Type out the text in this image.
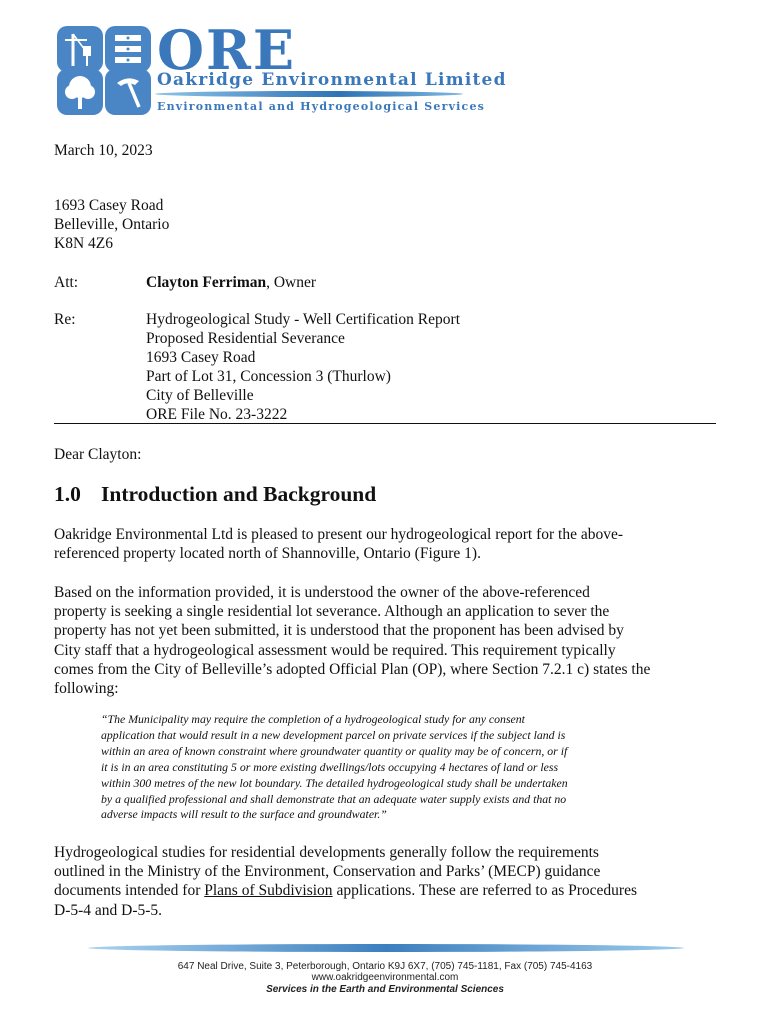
ORE
Oakridge Environmental Limited
Environmental and Hydrogeological Services
March 10, 2023
1693 Casey Road
Belleville, Ontario
K8N 4Z6
Att:	Clayton Ferriman, Owner
Re:	Hydrogeological Study - Well Certification Report
Proposed Residential Severance
1693 Casey Road
Part of Lot 31, Concession 3 (Thurlow)
City of Belleville
ORE File No. 23-3222
Dear Clayton:
1.0 Introduction and Background
Oakridge Environmental Ltd is pleased to present our hydrogeological report for the above-
referenced property located north of Shannoville, Ontario (Figure 1).
Based on the information provided, it is understood the owner of the above-referenced
property is seeking a single residential lot severance. Although an application to sever the
property has not yet been submitted, it is understood that the proponent has been advised by
City staff that a hydrogeological assessment would be required. This requirement typically
comes from the City of Belleville’s adopted Official Plan (OP), where Section 7.2.1 c) states the
following:
“The Municipality may require the completion of a hydrogeological study for any consent
application that would result in a new development parcel on private services if the subject land is
within an area of known constraint where groundwater quantity or quality may be of concern, or if
it is in an area constituting 5 or more existing dwellings/lots occupying 4 hectares of land or less
within 300 metres of the new lot boundary. The detailed hydrogeological study shall be undertaken
by a qualified professional and shall demonstrate that an adequate water supply exists and that no
adverse impacts will result to the surface and groundwater.”
Hydrogeological studies for residential developments generally follow the requirements
outlined in the Ministry of the Environment, Conservation and Parks’ (MECP) guidance
documents intended for Plans of Subdivision applications. These are referred to as Procedures
D-5-4 and D-5-5.
647 Neal Drive, Suite 3, Peterborough, Ontario K9J 6X7, (705) 745-1181, Fax (705) 745-4163
www.oakridgeenvironmental.com
Services in the Earth and Environmental Sciences
